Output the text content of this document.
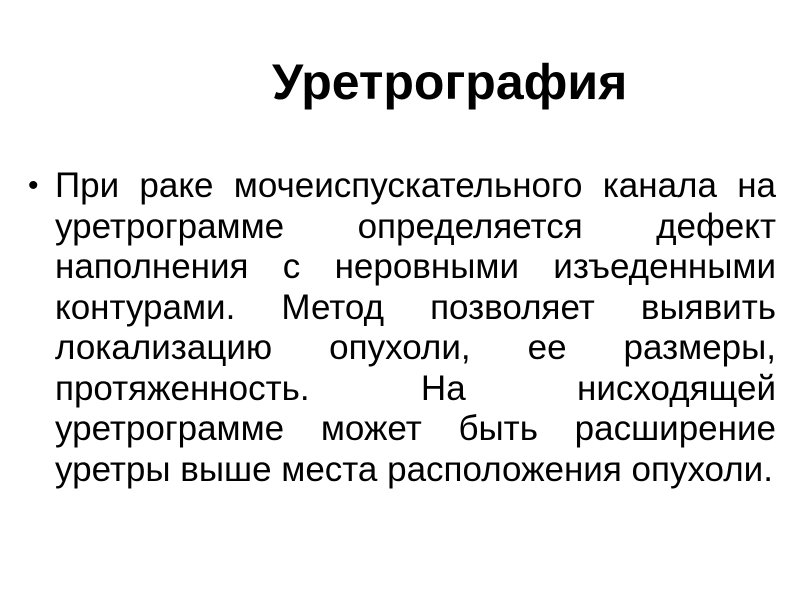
Уретрография
• При раке мочеиспускательного канала на уретрограмме определяется дефект наполнения с неровными изъеденными контурами. Метод позволяет выявить локализацию опухоли, ее размеры, протяженность. На нисходящей уретрограмме может быть расширение уретры выше места расположения опухоли.
